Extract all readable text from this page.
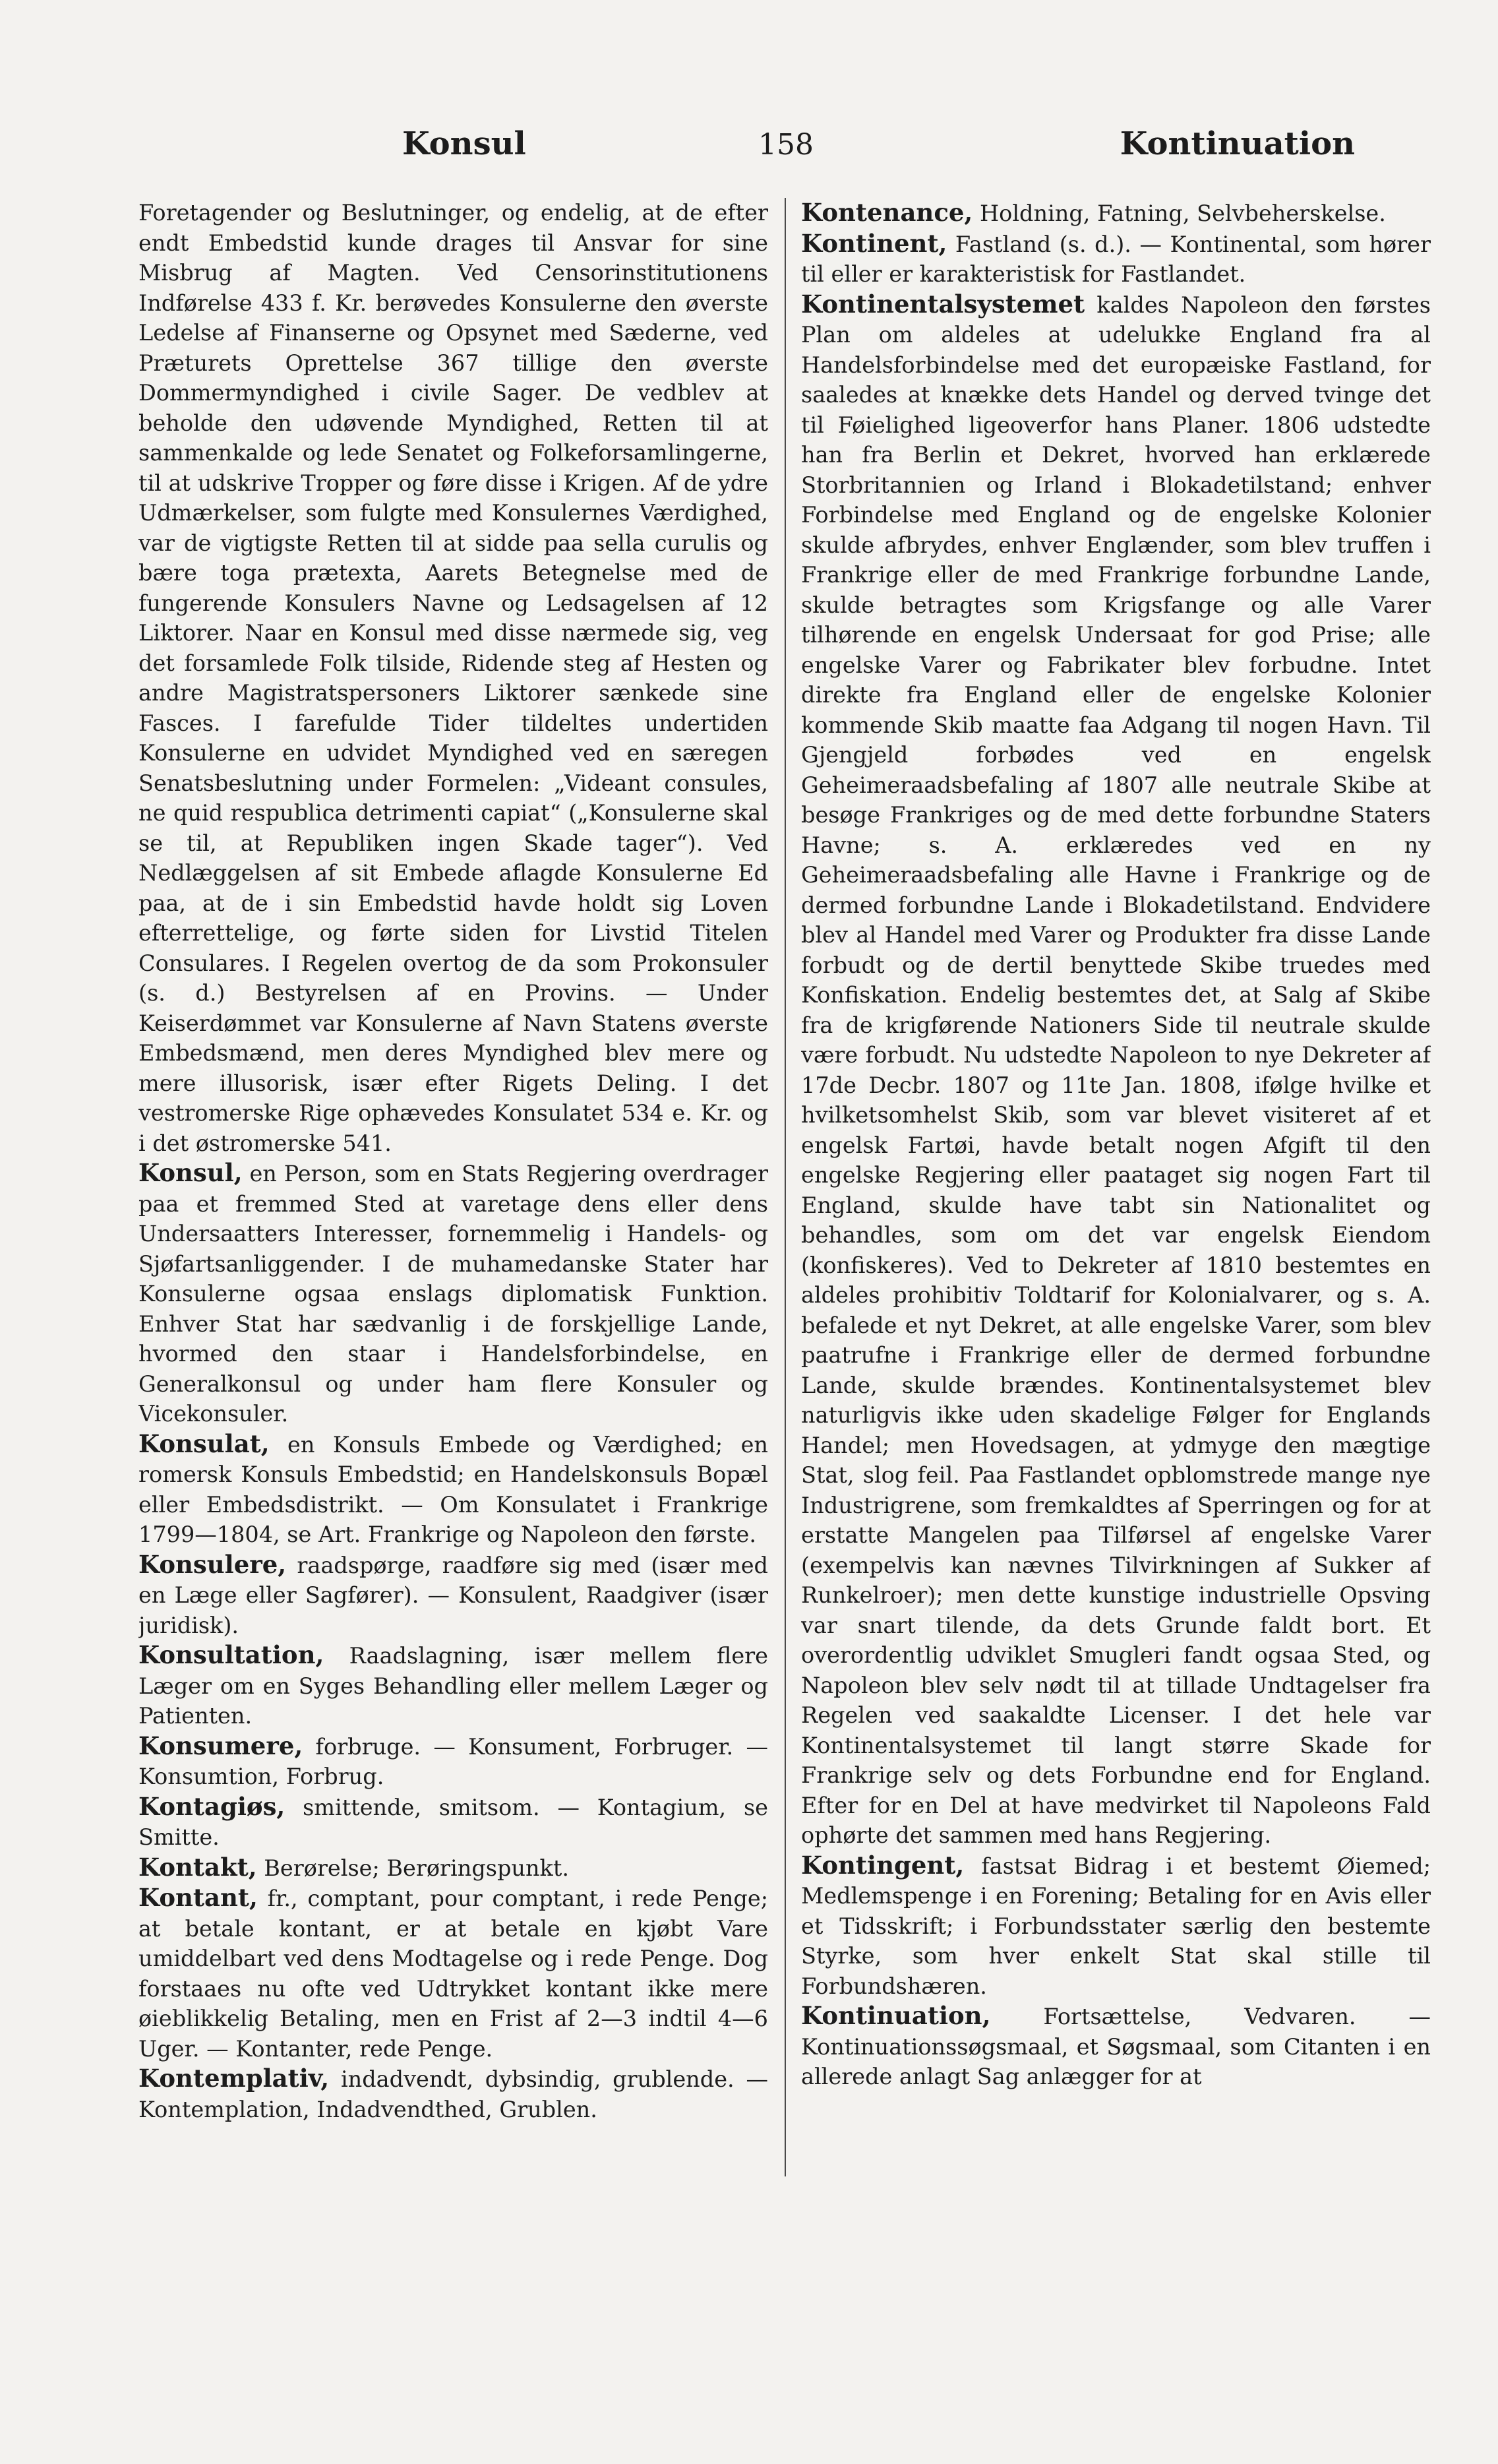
Konsul	158	Kontinuation

Foretagender og Beslutninger, og endelig, at de efter endt Embedstid kunde drages til Ansvar for sine Misbrug af Magten. Ved Censorinstitutionens Indførelse 433 f. Kr. berøvedes Konsulerne den øverste Ledelse af Finanserne og Opsynet med Sæderne, ved Præturets Oprettelse 367 tillige den øverste Dommermyndighed i civile Sager. De vedblev at beholde den udøvende Myndighed, Retten til at sammenkalde og lede Senatet og Folkeforsamlingerne, til at udskrive Tropper og føre disse i Krigen. Af de ydre Udmærkelser, som fulgte med Konsulernes Værdighed, var de vigtigste Retten til at sidde paa sella curulis og bære toga prætexta, Aarets Betegnelse med de fungerende Konsulers Navne og Ledsagelsen af 12 Liktorer. Naar en Konsul med disse nærmede sig, veg det forsamlede Folk tilside, Ridende steg af Hesten og andre Magistratspersoners Liktorer sænkede sine Fasces. I farefulde Tider tildeltes undertiden Konsulerne en udvidet Myndighed ved en særegen Senatsbeslutning under Formelen: „Videant consules, ne quid respublica detrimenti capiat“ („Konsulerne skal se til, at Republiken ingen Skade tager“). Ved Nedlæggelsen af sit Embede aflagde Konsulerne Ed paa, at de i sin Embedstid havde holdt sig Loven efterrettelige, og førte siden for Livstid Titelen Consulares. I Regelen overtog de da som Prokonsuler (s. d.) Bestyrelsen af en Provins. — Under Keiserdømmet var Konsulerne af Navn Statens øverste Embedsmænd, men deres Myndighed blev mere og mere illusorisk, især efter Rigets Deling. I det vestromerske Rige ophævedes Konsulatet 534 e. Kr. og i det østromerske 541.

Konsul, en Person, som en Stats Regjering overdrager paa et fremmed Sted at varetage dens eller dens Undersaatters Interesser, fornemmelig i Handels- og Sjøfartsanliggender. I de muhamedanske Stater har Konsulerne ogsaa enslags diplomatisk Funktion. Enhver Stat har sædvanlig i de forskjellige Lande, hvormed den staar i Handelsforbindelse, en Generalkonsul og under ham flere Konsuler og Vicekonsuler.

Konsulat, en Konsuls Embede og Værdighed; en romersk Konsuls Embedstid; en Handelskonsuls Bopæl eller Embedsdistrikt. — Om Konsulatet i Frankrige 1799—1804, se Art. Frankrige og Napoleon den første.

Konsulere, raadspørge, raadføre sig med (især med en Læge eller Sagfører). — Konsulent, Raadgiver (især juridisk).

Konsultation, Raadslagning, især mellem flere Læger om en Syges Behandling eller mellem Læger og Patienten.

Konsumere, forbruge. — Konsument, Forbruger. — Konsumtion, Forbrug.

Kontagiøs, smittende, smitsom. — Kontagium, se Smitte.

Kontakt, Berørelse; Berøringspunkt.

Kontant, fr., comptant, pour comptant, i rede Penge; at betale kontant, er at betale en kjøbt Vare umiddelbart ved dens Modtagelse og i rede Penge. Dog forstaaes nu ofte ved Udtrykket kontant ikke mere øieblikkelig Betaling, men en Frist af 2—3 indtil 4—6 Uger. — Kontanter, rede Penge.

Kontemplativ, indadvendt, dybsindig, grublende. — Kontemplation, Indadvendthed, Grublen.

Kontenance, Holdning, Fatning, Selvbeherskelse.

Kontinent, Fastland (s. d.). — Kontinental, som hører til eller er karakteristisk for Fastlandet.

Kontinentalsystemet kaldes Napoleon den førstes Plan om aldeles at udelukke England fra al Handelsforbindelse med det europæiske Fastland, for saaledes at knække dets Handel og derved tvinge det til Føielighed ligeoverfor hans Planer. 1806 udstedte han fra Berlin et Dekret, hvorved han erklærede Storbritannien og Irland i Blokadetilstand; enhver Forbindelse med England og de engelske Kolonier skulde afbrydes, enhver Englænder, som blev truffen i Frankrige eller de med Frankrige forbundne Lande, skulde betragtes som Krigsfange og alle Varer tilhørende en engelsk Undersaat for god Prise; alle engelske Varer og Fabrikater blev forbudne. Intet direkte fra England eller de engelske Kolonier kommende Skib maatte faa Adgang til nogen Havn. Til Gjengjeld forbødes ved en engelsk Geheimeraadsbefaling af 1807 alle neutrale Skibe at besøge Frankriges og de med dette forbundne Staters Havne; s. A. erklæredes ved en ny Geheimeraadsbefaling alle Havne i Frankrige og de dermed forbundne Lande i Blokadetilstand. Endvidere blev al Handel med Varer og Produkter fra disse Lande forbudt og de dertil benyttede Skibe truedes med Konfiskation. Endelig bestemtes det, at Salg af Skibe fra de krigførende Nationers Side til neutrale skulde være forbudt. Nu udstedte Napoleon to nye Dekreter af 17de Decbr. 1807 og 11te Jan. 1808, ifølge hvilke et hvilketsomhelst Skib, som var blevet visiteret af et engelsk Fartøi, havde betalt nogen Afgift til den engelske Regjering eller paataget sig nogen Fart til England, skulde have tabt sin Nationalitet og behandles, som om det var engelsk Eiendom (konfiskeres). Ved to Dekreter af 1810 bestemtes en aldeles prohibitiv Toldtarif for Kolonialvarer, og s. A. befalede et nyt Dekret, at alle engelske Varer, som blev paatrufne i Frankrige eller de dermed forbundne Lande, skulde brændes. Kontinentalsystemet blev naturligvis ikke uden skadelige Følger for Englands Handel; men Hovedsagen, at ydmyge den mægtige Stat, slog feil. Paa Fastlandet opblomstrede mange nye Industrigrene, som fremkaldtes af Sperringen og for at erstatte Mangelen paa Tilførsel af engelske Varer (exempelvis kan nævnes Tilvirkningen af Sukker af Runkelroer); men dette kunstige industrielle Opsving var snart tilende, da dets Grunde faldt bort. Et overordentlig udviklet Smugleri fandt ogsaa Sted, og Napoleon blev selv nødt til at tillade Undtagelser fra Regelen ved saakaldte Licenser. I det hele var Kontinentalsystemet til langt større Skade for Frankrige selv og dets Forbundne end for England. Efter for en Del at have medvirket til Napoleons Fald ophørte det sammen med hans Regjering.

Kontingent, fastsat Bidrag i et bestemt Øiemed; Medlemspenge i en Forening; Betaling for en Avis eller et Tidsskrift; i Forbundsstater særlig den bestemte Styrke, som hver enkelt Stat skal stille til Forbundshæren.

Kontinuation, Fortsættelse, Vedvaren. — Kontinuationssøgsmaal, et Søgsmaal, som Citanten i en allerede anlagt Sag anlægger for at
